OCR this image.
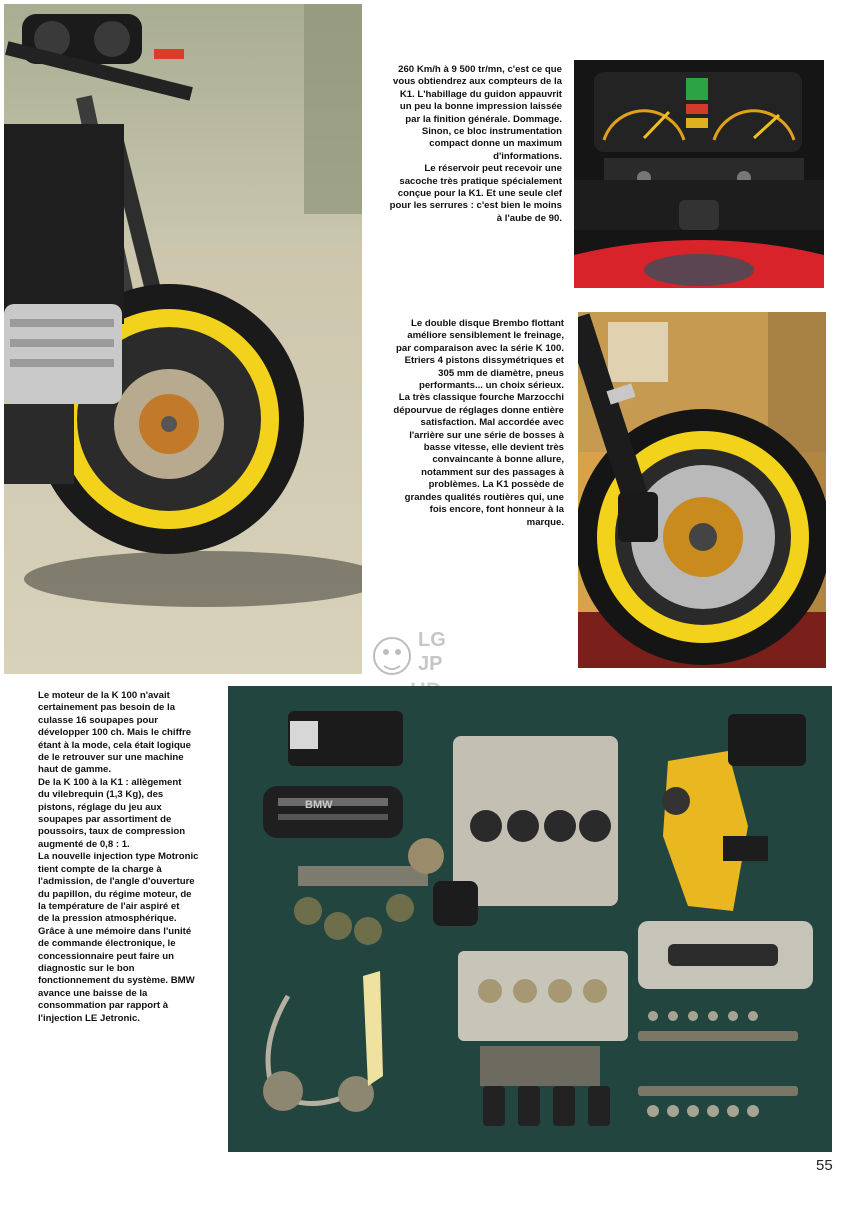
260 Km/h à 9 500 tr/mn, c'est ce que
vous obtiendrez aux compteurs de la
K1. L'habillage du guidon appauvrit
un peu la bonne impression laissée
par la finition générale. Dommage.
Sinon, ce bloc instrumentation
compact donne un maximum
d'informations.
Le réservoir peut recevoir une
sacoche très pratique spécialement
conçue pour la K1. Et une seule clef
pour les serrures : c'est bien le moins
à l'aube de 90.
Le double disque Brembo flottant
améliore sensiblement le freinage,
par comparaison avec la série K 100.
Etriers 4 pistons dissymétriques et
305 mm de diamètre, pneus
performants... un choix sérieux.
La très classique fourche Marzocchi
dépourvue de réglages donne entière
satisfaction. Mal accordée avec
l'arrière sur une série de bosses à
basse vitesse, elle devient très
convaincante à bonne allure,
notamment sur des passages à
problèmes. La K1 possède de
grandes qualités routières qui, une
fois encore, font honneur à la
marque.
LG
JP
Le moteur de la K 100 n'avait
certainement pas besoin de la
culasse 16 soupapes pour
développer 100 ch. Mais le chiffre
étant à la mode, cela était logique
de le retrouver sur une machine
haut de gamme.
De la K 100 à la K1 : allègement
du vilebrequin (1,3 Kg), des
pistons, réglage du jeu aux
soupapes par assortiment de
poussoirs, taux de compression
augmenté de 0,8 : 1.
La nouvelle injection type Motronic
tient compte de la charge à
l'admission, de l'angle d'ouverture
du papillon, du régime moteur, de
la température de l'air aspiré et
de la pression atmosphérique.
Grâce à une mémoire dans l'unité
de commande électronique, le
concessionnaire peut faire un
diagnostic sur le bon
fonctionnement du système. BMW
avance une baisse de la
consommation par rapport à
l'injection LE Jetronic.
BMW
55
